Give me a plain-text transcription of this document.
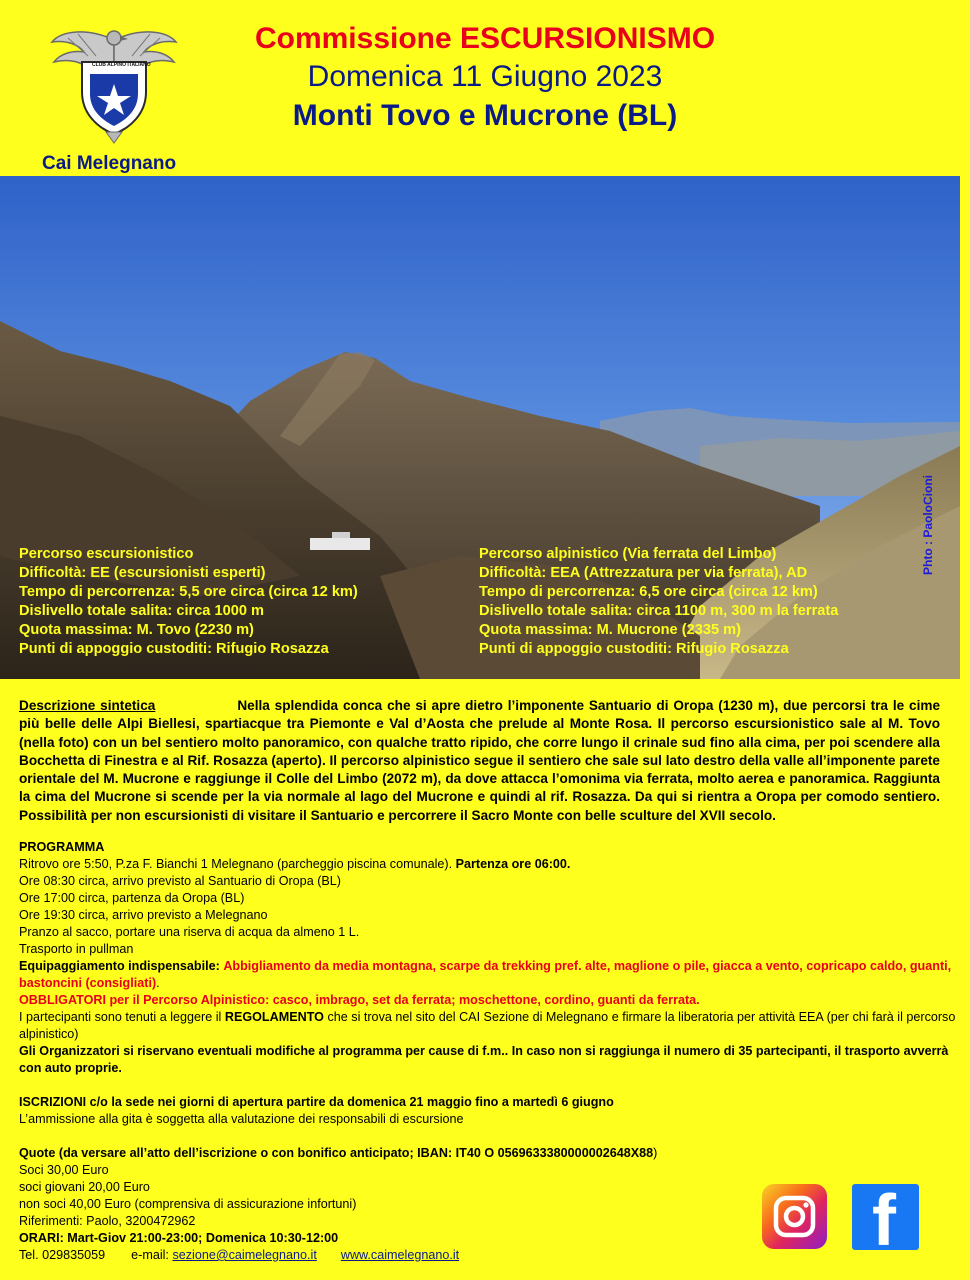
CLUB ALPINO ITALIANO
Commissione ESCURSIONISMO
Domenica 11 Giugno 2023
Monti Tovo e Mucrone (BL)
Cai Melegnano
Percorso escursionistico
Difficoltà: EE (escursionisti esperti)
Tempo di percorrenza: 5,5 ore circa (circa 12 km)
Dislivello totale salita: circa 1000 m
Quota massima: M. Tovo (2230 m)
Punti di appoggio custoditi: Rifugio Rosazza
Percorso alpinistico (Via ferrata del Limbo)
Difficoltà: EEA (Attrezzatura per via ferrata), AD
Tempo di percorrenza: 6,5 ore circa (circa 12 km)
Dislivello totale salita: circa 1100 m, 300 m la ferrata
Quota massima: M. Mucrone (2335 m)
Punti di appoggio custoditi: Rifugio Rosazza
Phto : PaoloCioni
Descrizione sintetica	Nella splendida conca che si apre dietro l’imponente Santuario di Oropa (1230 m), due percorsi tra le cime più belle delle Alpi Biellesi, spartiacque tra Piemonte e Val d’Aosta che prelude al Monte Rosa. Il percorso escursionistico sale al M. Tovo (nella foto) con un bel sentiero molto panoramico, con qualche tratto ripido, che corre lungo il crinale sud fino alla cima, per poi scendere alla Bocchetta di Finestra e al Rif. Rosazza (aperto). Il percorso alpinistico segue il sentiero che sale sul lato destro della valle all’imponente parete orientale del M. Mucrone e raggiunge il Colle del Limbo (2072 m), da dove attacca l’omonima via ferrata, molto aerea e panoramica. Raggiunta la cima del Mucrone si scende per la via normale al lago del Mucrone e quindi al rif. Rosazza. Da qui si rientra a Oropa per comodo sentiero. Possibilità per non escursionisti di visitare il Santuario e percorrere il Sacro Monte con belle sculture del XVII secolo.
PROGRAMMA
Ritrovo ore 5:50, P.za F. Bianchi 1 Melegnano (parcheggio piscina comunale). Partenza ore 06:00.
Ore 08:30 circa, arrivo previsto al Santuario di Oropa (BL)
Ore 17:00 circa, partenza da Oropa (BL)
Ore 19:30 circa, arrivo previsto a Melegnano
Pranzo al sacco, portare una riserva di acqua da almeno 1 L.
Trasporto in pullman
Equipaggiamento indispensabile: Abbigliamento da media montagna, scarpe da trekking pref. alte, maglione o pile, giacca a vento, copricapo caldo, guanti, bastoncini (consigliati).
OBBLIGATORI per il Percorso Alpinistico: casco, imbrago, set da ferrata; moschettone, cordino, guanti da ferrata.
I partecipanti sono tenuti a leggere il REGOLAMENTO che si trova nel sito del CAI Sezione di Melegnano e firmare la liberatoria per attività EEA (per chi farà il percorso alpinistico)
Gli Organizzatori si riservano eventuali modifiche al programma per cause di f.m.. In caso non si raggiunga il numero di 35 partecipanti, il trasporto avverrà con auto proprie.
ISCRIZIONI c/o la sede nei giorni di apertura partire da domenica 21 maggio fino a martedì 6 giugno
L’ammissione alla gita è soggetta alla valutazione dei responsabili di escursione
Quote (da versare all’atto dell’iscrizione o con bonifico anticipato; IBAN: IT40 O 0569633380000002648X88)
Soci 30,00 Euro
soci giovani 20,00 Euro
non soci 40,00 Euro (comprensiva di assicurazione infortuni)
Riferimenti: Paolo, 3200472962
ORARI: Mart-Giov 21:00-23:00; Domenica 10:30-12:00
Tel. 029835059 e-mail: sezione@caimelegnano.it www.caimelegnano.it	f
